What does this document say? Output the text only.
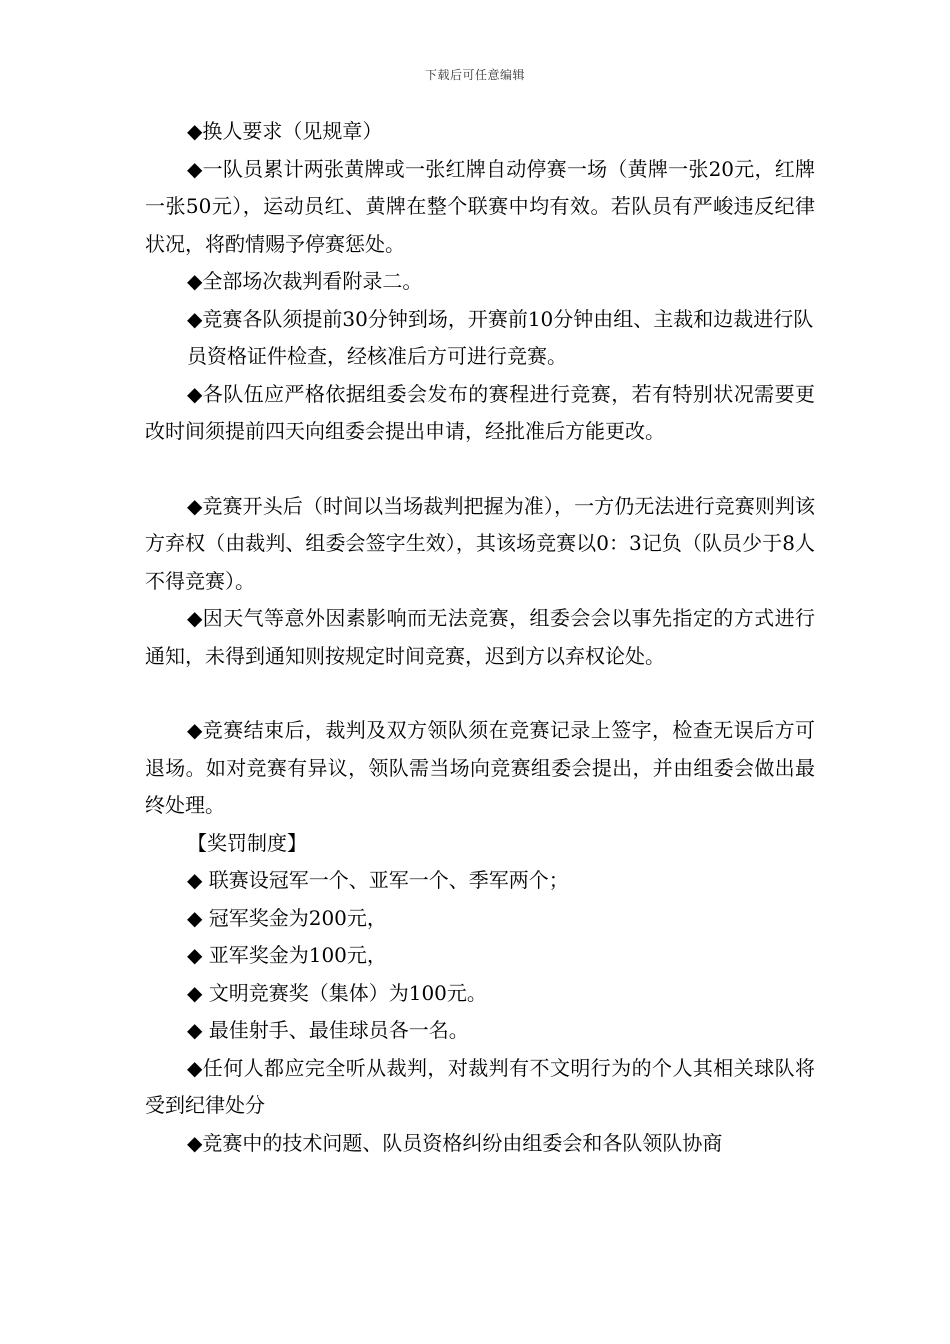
下载后可任意编辑

◆换人要求（见规章）

◆一队员累计两张黄牌或一张红牌自动停赛一场（黄牌一张20元，红牌一张50元），运动员红、黄牌在整个联赛中均有效。若队员有严峻违反纪律状况，将酌情赐予停赛惩处。

◆全部场次裁判看附录二。

◆竞赛各队须提前30分钟到场，开赛前10分钟由组、主裁和边裁进行队

员资格证件检查，经核准后方可进行竞赛。

◆各队伍应严格依据组委会发布的赛程进行竞赛，若有特别状况需要更改时间须提前四天向组委会提出申请，经批准后方能更改。

◆竞赛开头后（时间以当场裁判把握为准），一方仍无法进行竞赛则判该方弃权（由裁判、组委会签字生效），其该场竞赛以0：3记负（队员少于8人不得竞赛）。

◆因天气等意外因素影响而无法竞赛，组委会会以事先指定的方式进行通知，未得到通知则按规定时间竞赛，迟到方以弃权论处。

◆竞赛结束后，裁判及双方领队须在竞赛记录上签字，检查无误后方可退场。如对竞赛有异议，领队需当场向竞赛组委会提出，并由组委会做出最终处理。

【奖罚制度】

◆ 联赛设冠军一个、亚军一个、季军两个；

◆ 冠军奖金为200元，

◆ 亚军奖金为100元，

◆ 文明竞赛奖（集体）为100元。

◆ 最佳射手、最佳球员各一名。

◆任何人都应完全听从裁判，对裁判有不文明行为的个人其相关球队将受到纪律处分

◆竞赛中的技术问题、队员资格纠纷由组委会和各队领队协商
